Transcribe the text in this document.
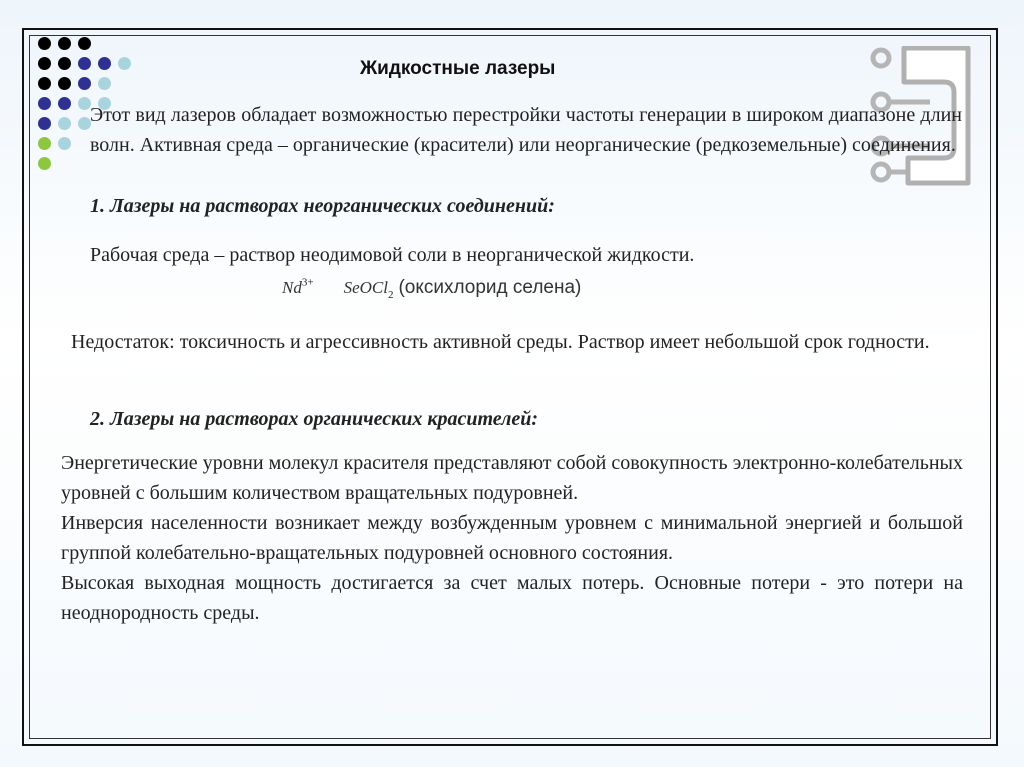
Жидкостные лазеры

Этот вид лазеров обладает возможностью перестройки частоты генерации в широком диапазоне длин волн. Активная среда – органические (красители) или неорганические (редкоземельные) соединения.

1. Лазеры на растворах неорганических соединений:

Рабочая среда – раствор неодимовой соли в неорганической жидкости.

$Nd^{3+}$ SeOCl$_2$ (оксихлорид селена)

Недостаток: токсичность и агрессивность активной среды. Раствор имеет небольшой срок годности.

2. Лазеры на растворах органических красителей:

Энергетические уровни молекул красителя представляют собой совокупность электронно-колебательных уровней с большим количеством вращательных подуровней.

Инверсия населенности возникает между возбужденным уровнем с минимальной энергией и большой группой колебательно-вращательных подуровней основного состояния.

Высокая выходная мощность достигается за счет малых потерь. Основные потери - это потери на неоднородность среды.
